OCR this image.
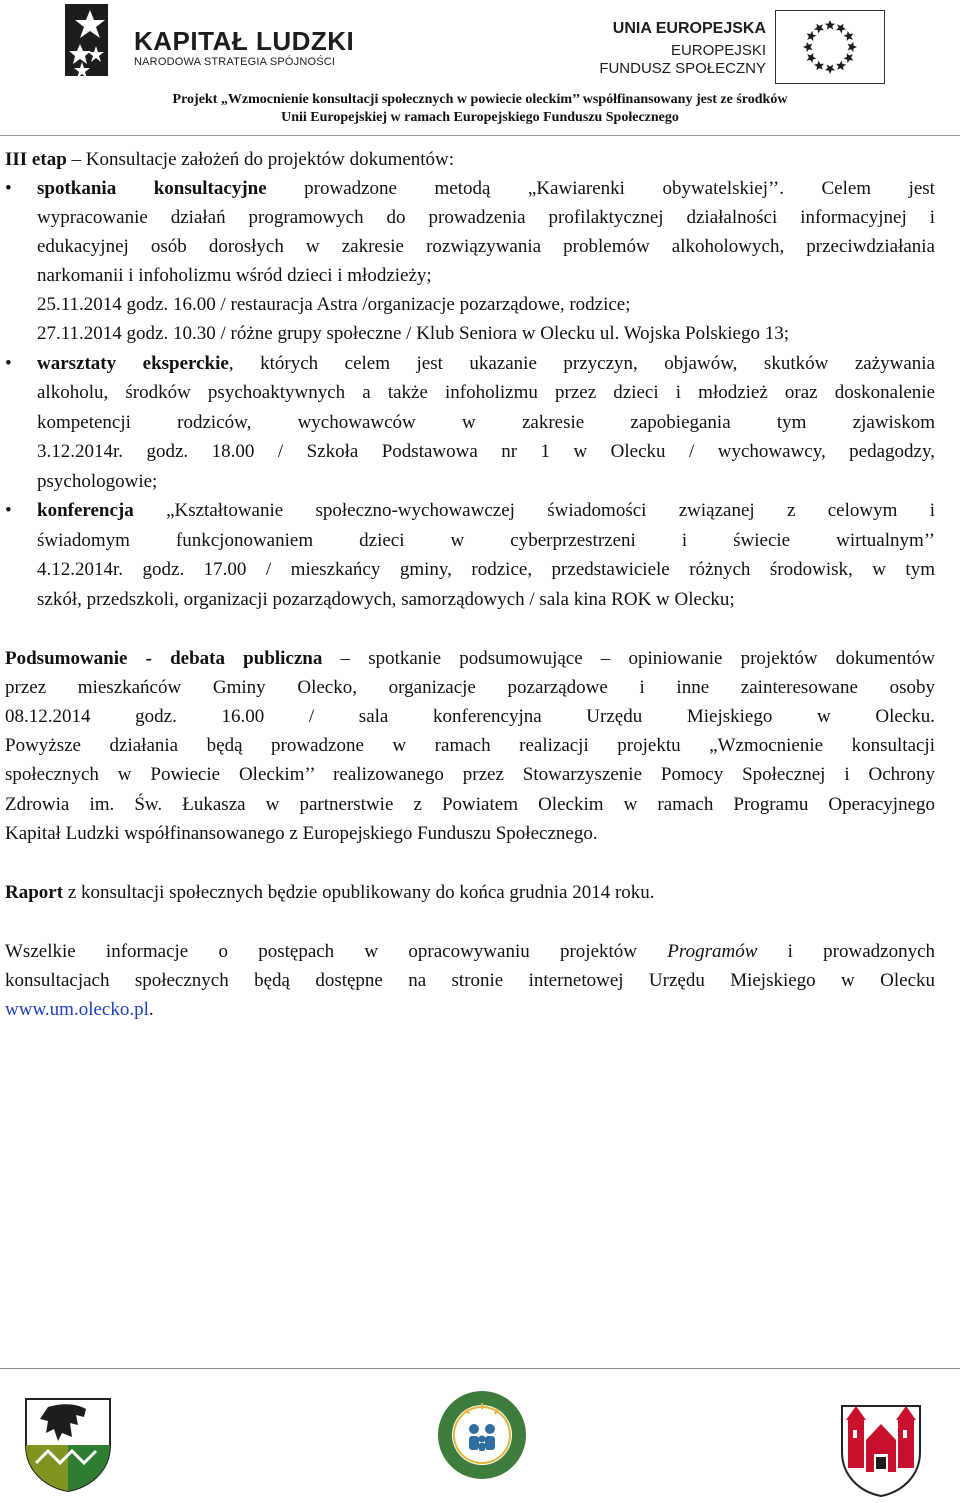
KAPITAŁ LUDZKI
NARODOWA STRATEGIA SPÓJNOŚCI
UNIA EUROPEJSKA
EUROPEJSKI
FUNDUSZ SPOŁECZNY
Projekt „Wzmocnienie konsultacji społecznych w powiecie oleckim’’ współfinansowany jest ze środków
Unii Europejskiej w ramach Europejskiego Funduszu Społecznego
III etap – Konsultacje założeń do projektów dokumentów:
• spotkania konsultacyjne prowadzone metodą „Kawiarenki obywatelskiej’’. Celem jest
wypracowanie działań programowych do prowadzenia profilaktycznej działalności informacyjnej i
edukacyjnej osób dorosłych w zakresie rozwiązywania problemów alkoholowych, przeciwdziałania
narkomanii i infoholizmu wśród dzieci i młodzieży;
25.11.2014 godz. 16.00 / restauracja Astra /organizacje pozarządowe, rodzice;
27.11.2014 godz. 10.30 / różne grupy społeczne / Klub Seniora w Olecku ul. Wojska Polskiego 13;
• warsztaty eksperckie, których celem jest ukazanie przyczyn, objawów, skutków zażywania
alkoholu, środków psychoaktywnych a także infoholizmu przez dzieci i młodzież oraz doskonalenie
kompetencji rodziców, wychowawców w zakresie zapobiegania tym zjawiskom
3.12.2014r. godz. 18.00 / Szkoła Podstawowa nr 1 w Olecku / wychowawcy, pedagodzy,
psychologowie;
• konferencja „Kształtowanie społeczno-wychowawczej świadomości związanej z celowym i
świadomym funkcjonowaniem dzieci w cyberprzestrzeni i świecie wirtualnym’’
4.12.2014r. godz. 17.00 / mieszkańcy gminy, rodzice, przedstawiciele różnych środowisk, w tym
szkół, przedszkoli, organizacji pozarządowych, samorządowych / sala kina ROK w Olecku;
Podsumowanie - debata publiczna – spotkanie podsumowujące – opiniowanie projektów dokumentów
przez mieszkańców Gminy Olecko, organizacje pozarządowe i inne zainteresowane osoby
08.12.2014 godz. 16.00 / sala konferencyjna Urzędu Miejskiego w Olecku.
Powyższe działania będą prowadzone w ramach realizacji projektu „Wzmocnienie konsultacji
społecznych w Powiecie Oleckim’’ realizowanego przez Stowarzyszenie Pomocy Społecznej i Ochrony
Zdrowia im. Św. Łukasza w partnerstwie z Powiatem Oleckim w ramach Programu Operacyjnego
Kapitał Ludzki współfinansowanego z Europejskiego Funduszu Społecznego.
Raport z konsultacji społecznych będzie opublikowany do końca grudnia 2014 roku.
Wszelkie informacje o postępach w opracowywaniu projektów Programów i prowadzonych
konsultacjach społecznych będą dostępne na stronie internetowej Urzędu Miejskiego w Olecku
www.um.olecko.pl.
